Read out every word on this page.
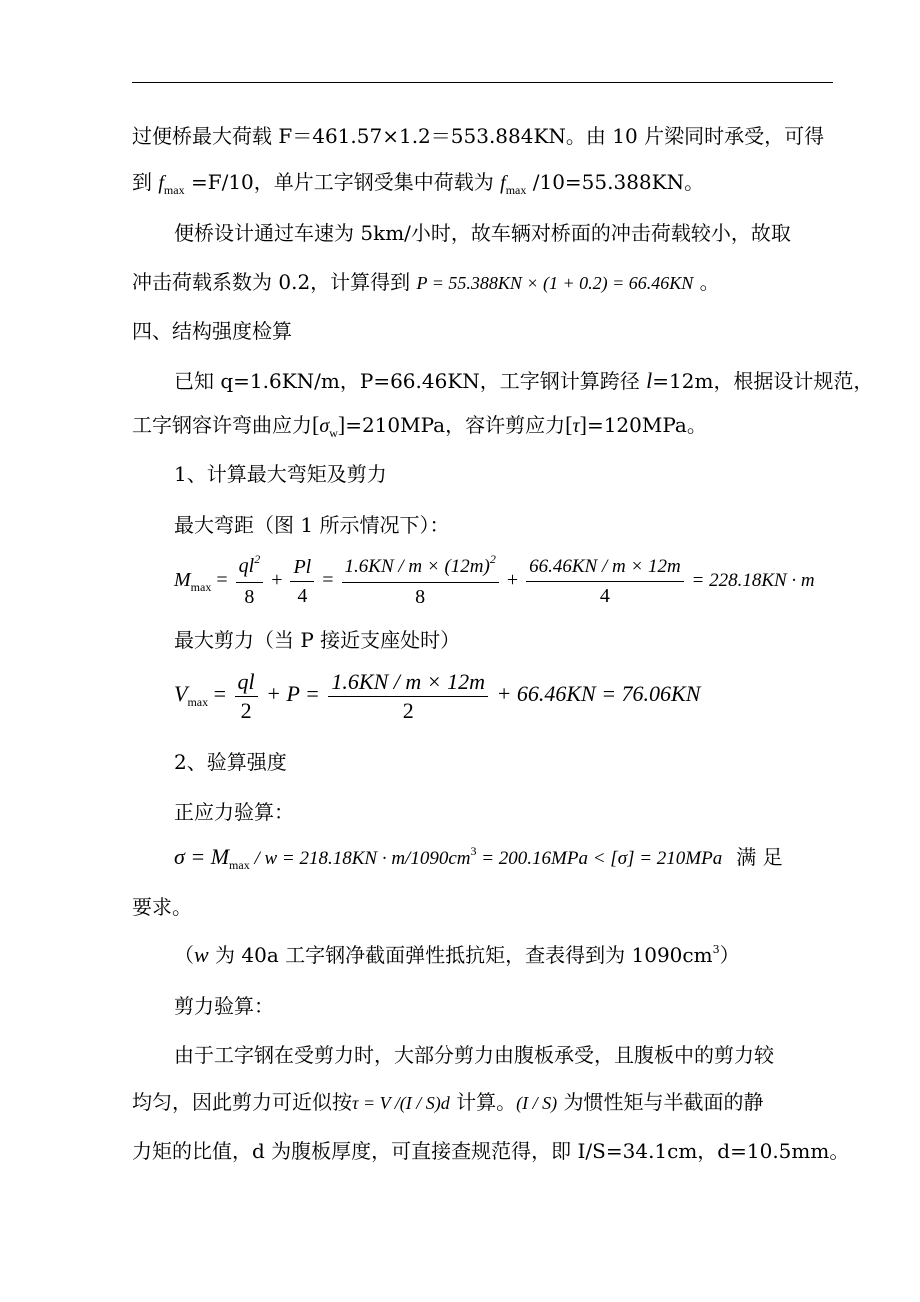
过便桥最大荷载 F＝461.57×1.2＝553.884KN。由 10 片梁同时承受，可得
到 $f_{max} =F/10$，单片工字钢受集中荷载为 $f_{max}$ /10=55.388KN。
便桥设计通过车速为 5km/小时，故车辆对桥面的冲击荷载较小，故取
冲击荷载系数为 0.2，计算得到 P = 55.388KN × (1 + 0.2) = 66.46KN 。
四、结构强度检算
已知 q=1.6KN/m，P=66.46KN，工字钢计算跨径 l=12m，根据设计规范，
工字钢容许弯曲应力$[\sigma_w]=210MPa$，容许剪应力[τ]=120MPa。
1、计算最大弯矩及剪力
最大弯距（图 1 所示情况下）：
$M_{max} = \frac{ql^2}{8} + \frac{Pl}{4} = \frac{1.6KN / m \times (12m)^2}{8} + \frac{66.46KN / m \times 12m}{4} = 228.18KN \cdot m$
最大剪力（当 P 接近支座处时）
$V_{max} = \frac{ql}{2} + P = \frac{1.6KN / m \times 12m}{2} + 66.46KN = 76.06KN$
2、验算强度
正应力验算：
$\sigma = M_{max} / w = 218.18KN \cdot m/1090cm^3 = 200.16MPa < [\sigma] = 210MPa$ 满 足
要求。
（w 为 40a 工字钢净截面弹性抵抗矩，查表得到为 $1090cm^3$）
剪力验算：
由于工字钢在受剪力时，大部分剪力由腹板承受，且腹板中的剪力较
均匀，因此剪力可近似按τ = V /(I / S)d 计算。(I / S) 为惯性矩与半截面的静
力矩的比值，d 为腹板厚度，可直接查规范得，即 I/S=34.1cm，d=10.5mm。
